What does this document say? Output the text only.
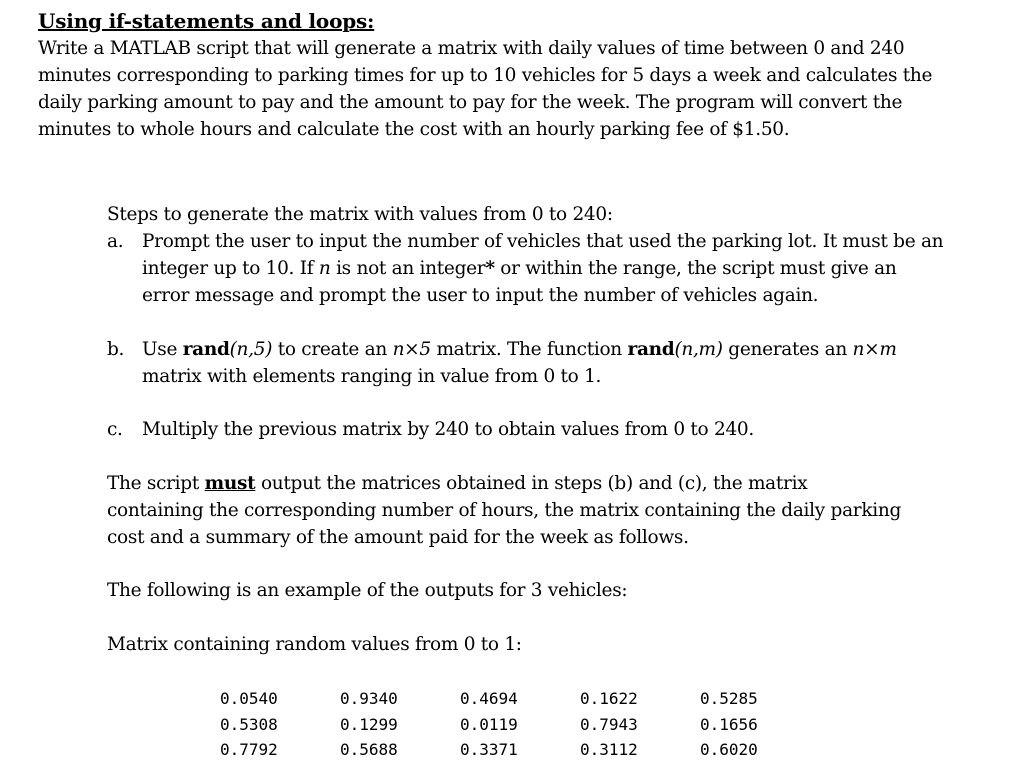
Using if-statements and loops:

Write a MATLAB script that will generate a matrix with daily values of time between 0 and 240 minutes corresponding to parking times for up to 10 vehicles for 5 days a week and calculates the daily parking amount to pay and the amount to pay for the week. The program will convert the minutes to whole hours and calculate the cost with an hourly parking fee of $1.50.

Steps to generate the matrix with values from 0 to 240:

a. Prompt the user to input the number of vehicles that used the parking lot. It must be an integer up to 10. If n is not an integer* or within the range, the script must give an error message and prompt the user to input the number of vehicles again.
b. Use rand(n,5) to create an n×5 matrix. The function rand(n,m) generates an n×m matrix with elements ranging in value from 0 to 1.
c. Multiply the previous matrix by 240 to obtain values from 0 to 240.

The script must output the matrices obtained in steps (b) and (c), the matrix containing the corresponding number of hours, the matrix containing the daily parking cost and a summary of the amount paid for the week as follows.

The following is an example of the outputs for 3 vehicles:

Matrix containing random values from 0 to 1:

0.0540	0.9340	0.4694	0.1622	0.5285
0.5308	0.1299	0.0119	0.7943	0.1656
0.7792	0.5688	0.3371	0.3112	0.6020
